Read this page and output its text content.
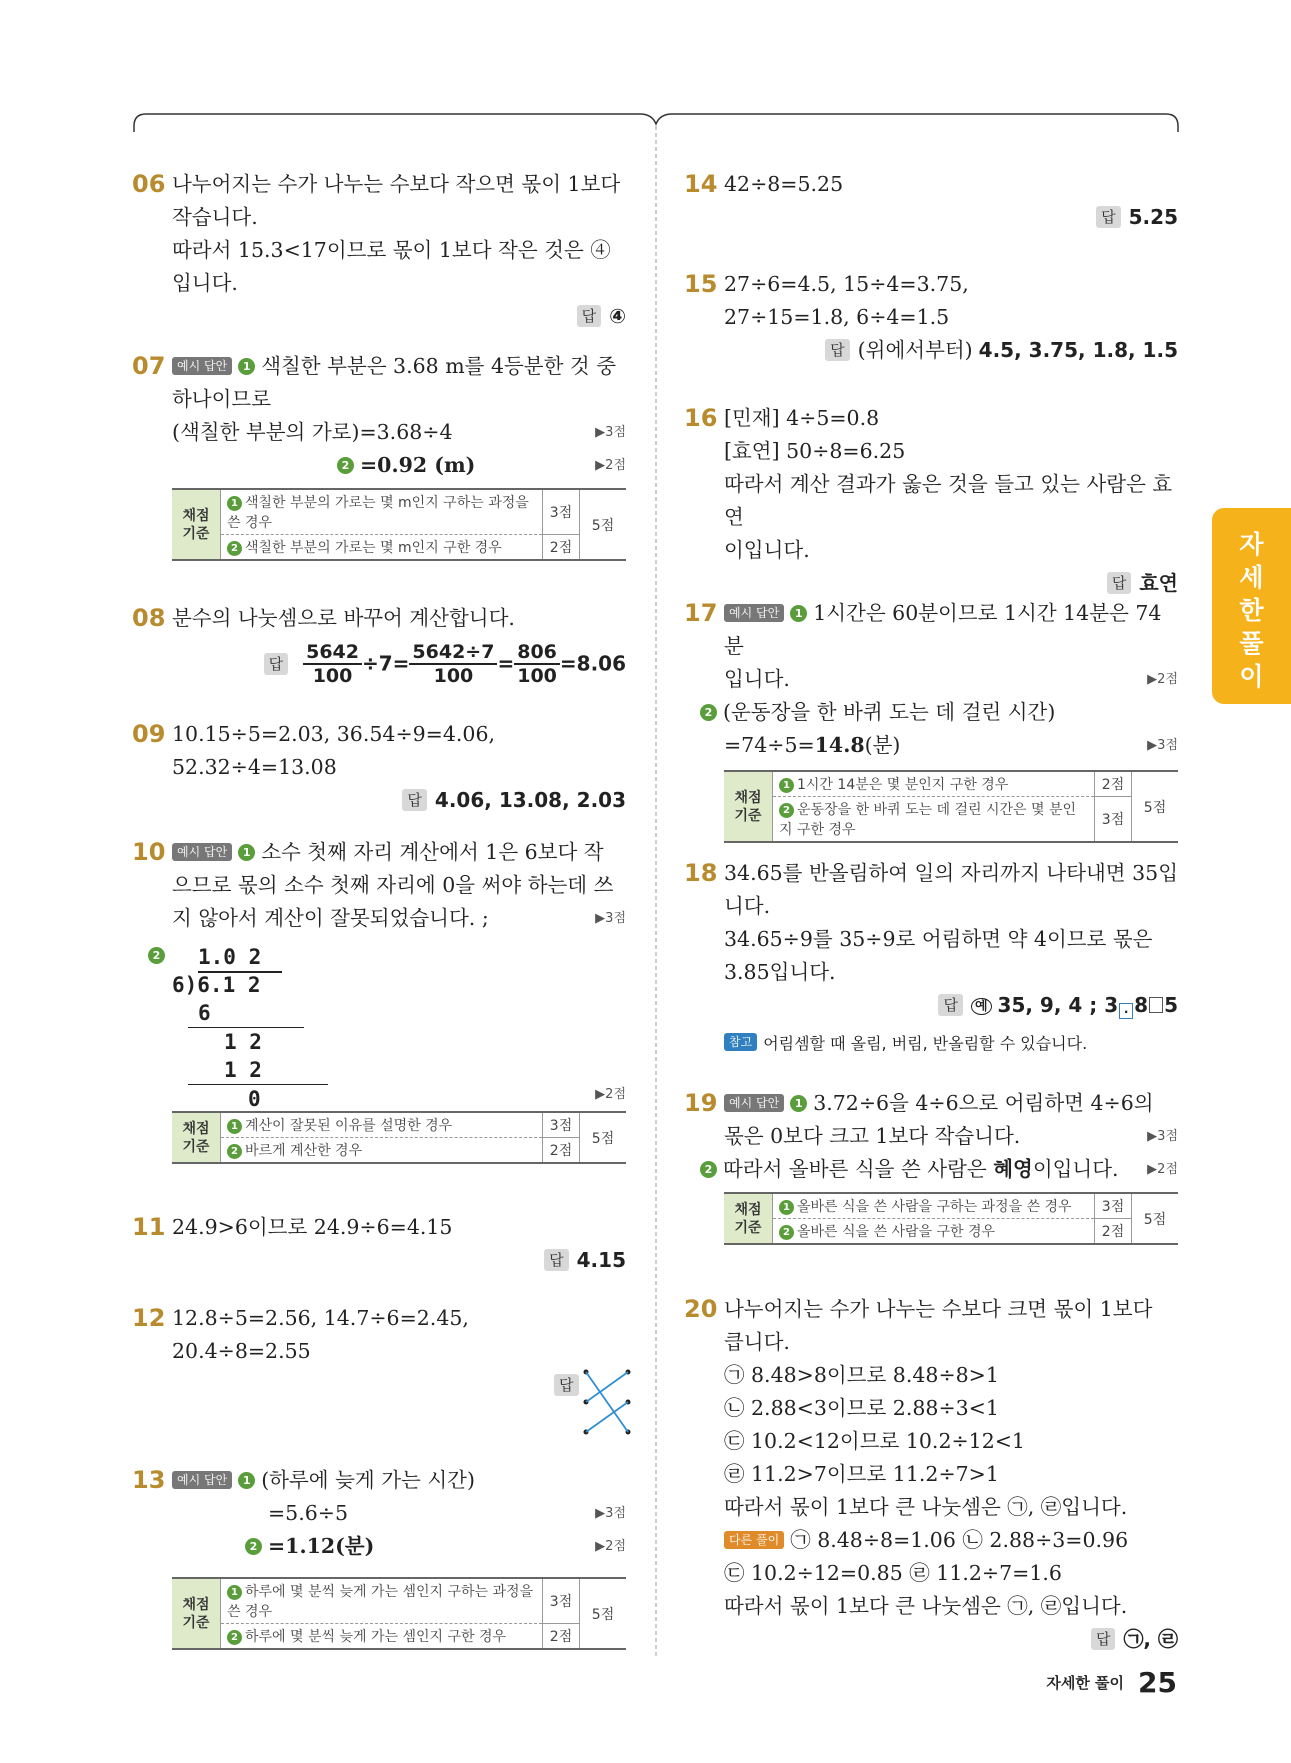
06 나누어지는 수가 나누는 수보다 작으면 몫이 1보다

작습니다.

따라서 15.3<17이므로 몫이 1보다 작은 것은 ④

입니다.

답 ④
07 예시 답안 1 색칠한 부분은 3.68 m를 4등분한 것 중

하나이므로

(색칠한 부분의 가로)=3.68÷4	▶3점

2 =0.92 (m)	▶2점

채점 기준	1 색칠한 부분의 가로는 몇 m인지 구하는 과정을 쓴 경우	3점	5점
	2 색칠한 부분의 가로는 몇 m인지 구한 경우	2점	
08 분수의 나눗셈으로 바꾸어 계산합니다.

답 $\frac{5642}{100} \div 7= \frac{5642\div 7}{100} = \frac{806}{100} =8.06$
09 10.15÷5=2.03, 36.54÷9=4.06,

52.32÷4=13.08

답 4.06, 13.08, 2.03
10 예시 답안 1 소수 첫째 자리 계산에서 1은 6보다 작

으므로 몫의 소수 첫째 자리에 0을 써야 하는데 쓰

지 않아서 계산이 잘못되었습니다. ;	▶3점

2	1.0 2
6)6.1 2
6
1 2
1 2
0	▶2점
채점 기준	1 계산이 잘못된 이유를 설명한 경우	3점	5점
	2 바르게 계산한 경우	2점	
11 24.9>6이므로 24.9÷6=4.15

답 4.15
12 12.8÷5=2.56, 14.7÷6=2.45,

20.4÷8=2.55

답
13 예시 답안 1 (하루에 늦게 가는 시간)

=5.6÷5	▶3점

2 =1.12(분)	▶2점

채점 기준	1 하루에 몇 분씩 늦게 가는 셈인지 구하는 과정을 쓴 경우	3점	5점
	2 하루에 몇 분씩 늦게 가는 셈인지 구한 경우	2점	
14 42÷8=5.25

답 5.25
15 27÷6=4.5, 15÷4=3.75,

27÷15=1.8, 6÷4=1.5

답 (위에서부터) 4.5, 3.75, 1.8, 1.5
16 [민재] 4÷5=0.8

[효연] 50÷8=6.25

따라서 계산 결과가 옳은 것을 들고 있는 사람은 효연

이입니다.

답 효연
17 예시 답안 1 1시간은 60분이므로 1시간 14분은 74분

입니다.	▶2점

2 (운동장을 한 바퀴 도는 데 걸린 시간)

=74÷5=14.8(분)	▶3점

채점 기준	1 1시간 14분은 몇 분인지 구한 경우	2점	5점
	2 운동장을 한 바퀴 도는 데 걸린 시간은 몇 분인지 구한 경우	3점	
18 34.65를 반올림하여 일의 자리까지 나타내면 35입

니다.

34.65÷9를 35÷9로 어림하면 약 4이므로 몫은

3.85입니다.

답 예 35, 9, 4 ; 3 . 8 5

참고 어림셈할 때 올림, 버림, 반올림할 수 있습니다.

19 예시 답안 1 3.72÷6을 4÷6으로 어림하면 4÷6의

몫은 0보다 크고 1보다 작습니다.	▶3점

2 따라서 올바른 식을 쓴 사람은 혜영이입니다. ▶2점

채점 기준	1 올바른 식을 쓴 사람을 구하는 과정을 쓴 경우	3점	5점
	2 올바른 식을 쓴 사람을 구한 경우	2점	
20 나누어지는 수가 나누는 수보다 크면 몫이 1보다

큽니다.

㉠ 8.48>8이므로 8.48÷8>1

㉡ 2.88<3이므로 2.88÷3<1

㉢ 10.2<12이므로 10.2÷12<1

㉣ 11.2>7이므로 11.2÷7>1

따라서 몫이 1보다 큰 나눗셈은 ㉠, ㉣입니다.

다른 풀이 ㉠ 8.48÷8=1.06 ㉡ 2.88÷3=0.96

㉢ 10.2÷12=0.85 ㉣ 11.2÷7=1.6

따라서 몫이 1보다 큰 나눗셈은 ㉠, ㉣입니다.

답 ㉠, ㉣
자세한풀이
자세한 풀이 25
